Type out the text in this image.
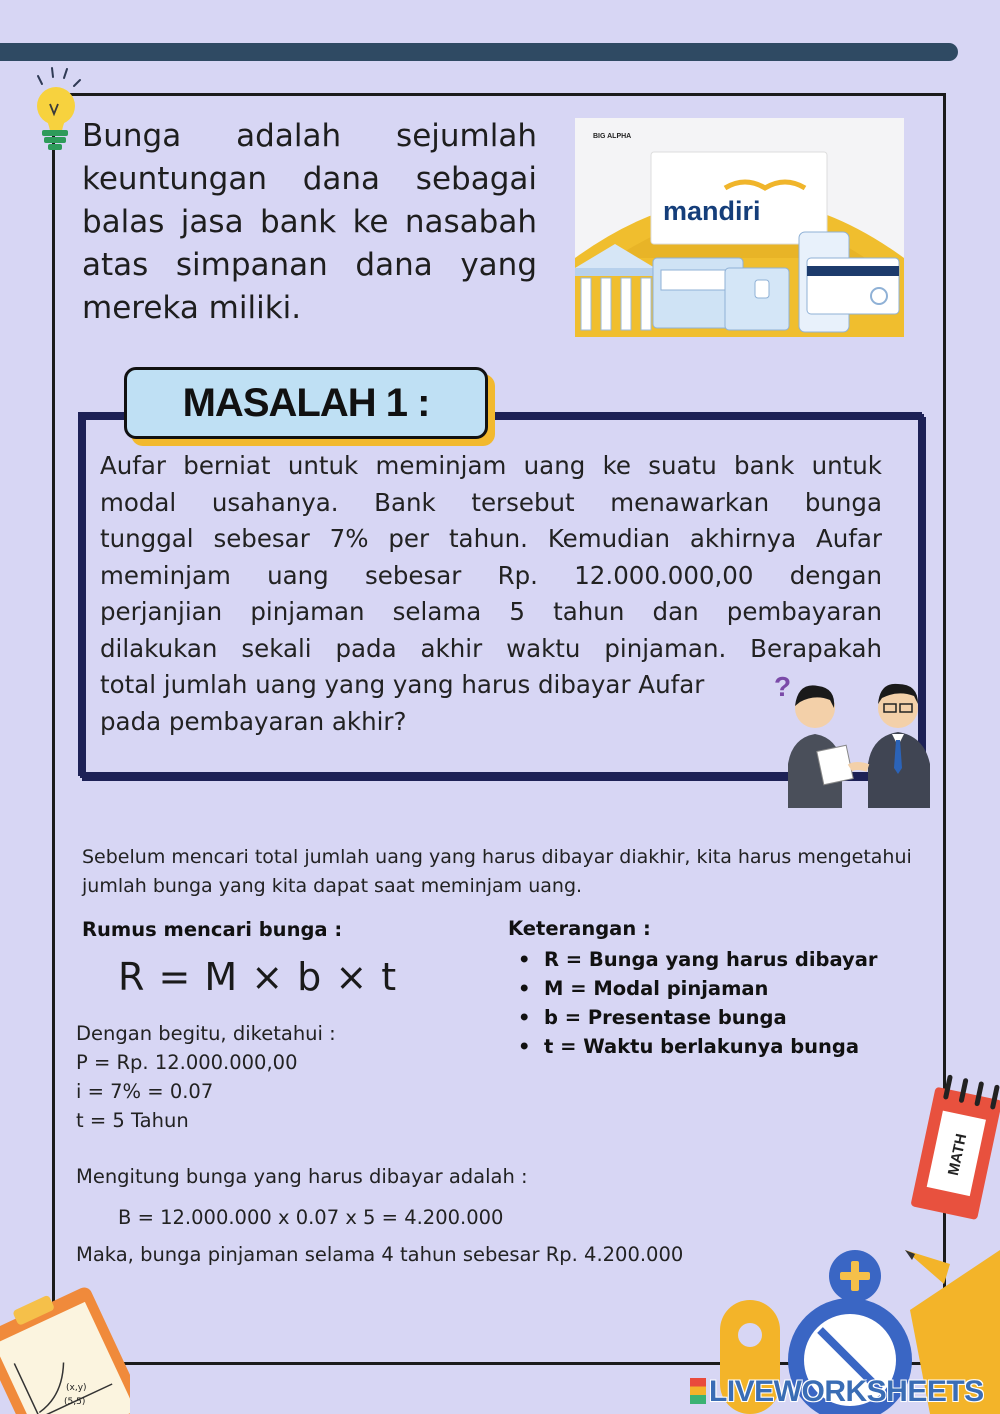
Bunga adalah sejumlah keuntungan dana sebagai balas jasa bank ke nasabah atas simpanan dana yang mereka miliki.
mandiri
BIG ALPHA
MASALAH 1 :
Aufar berniat untuk meminjam uang ke suatu bank untuk
modal usahanya. Bank tersebut menawarkan bunga
tunggal sebesar 7% per tahun. Kemudian akhirnya Aufar
meminjam uang sebesar Rp. 12.000.000,00 dengan
perjanjian pinjaman selama 5 tahun dan pembayaran
dilakukan sekali pada akhir waktu pinjaman. Berapakah
total jumlah uang yang yang harus dibayar Aufar
pada pembayaran akhir?
?
Sebelum mencari total jumlah uang yang harus dibayar diakhir, kita harus mengetahui jumlah bunga yang kita dapat saat meminjam uang.
Rumus mencari bunga :
R = M × b × t
Keterangan :
• R = Bunga yang harus dibayar
• M = Modal pinjaman
• b = Presentase bunga
• t = Waktu berlakunya bunga
Dengan begitu, diketahui :
P = Rp. 12.000.000,00
i = 7% = 0.07
t = 5 Tahun
Mengitung bunga yang harus dibayar adalah :
B = 12.000.000 x 0.07 x 5 = 4.200.000
Maka, bunga pinjaman selama 4 tahun sebesar Rp. 4.200.000
MATH
(x,y)
(5,5)	LIVEWORKSHEETS
